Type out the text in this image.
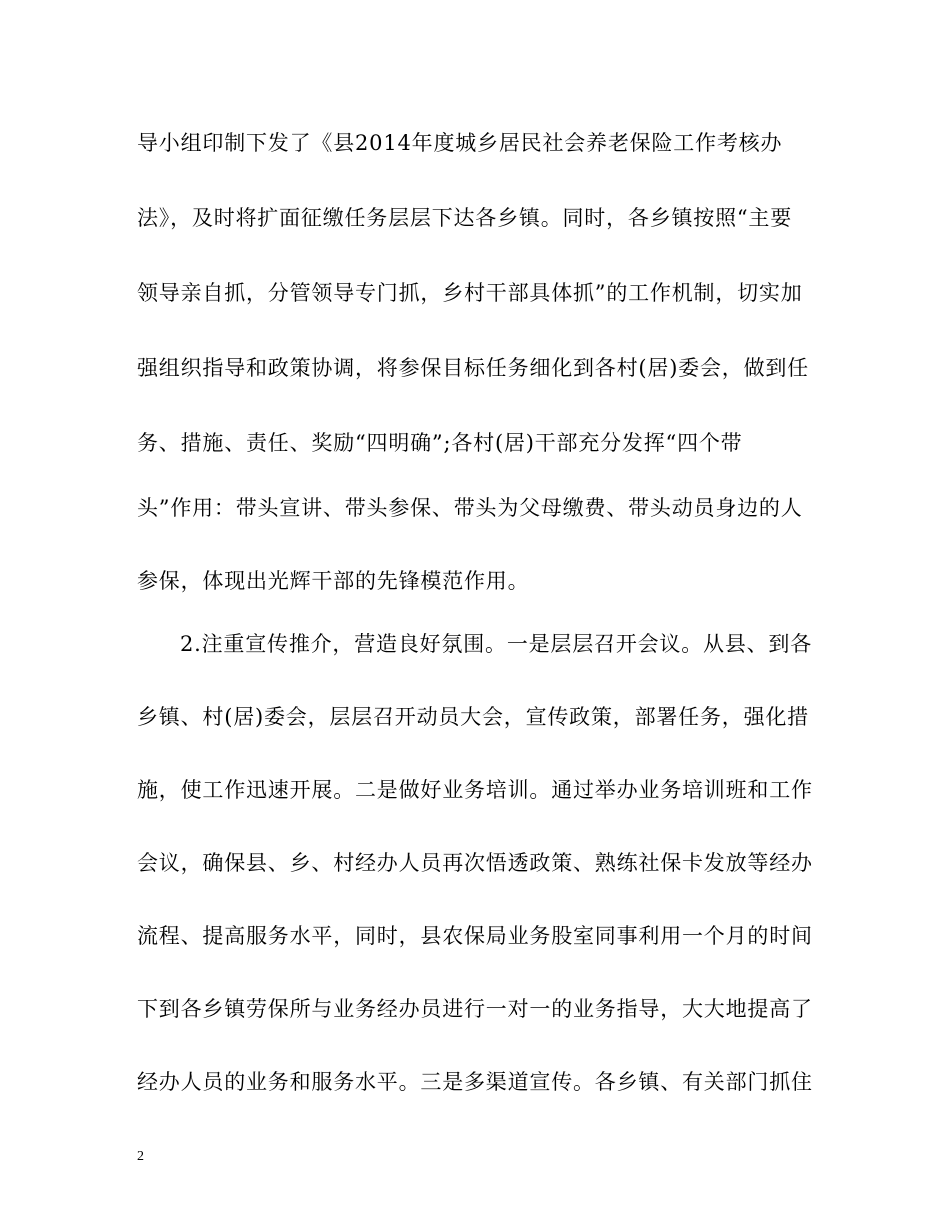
导小组印制下发了《县2014年度城乡居民社会养老保险工作考核办
法》，及时将扩面征缴任务层层下达各乡镇。同时，各乡镇按照“主要
领导亲自抓，分管领导专门抓，乡村干部具体抓”的工作机制，切实加
强组织指导和政策协调，将参保目标任务细化到各村(居)委会，做到任
务、措施、责任、奖励“四明确”;各村(居)干部充分发挥“四个带
头”作用：带头宣讲、带头参保、带头为父母缴费、带头动员身边的人
参保，体现出光辉干部的先锋模范作用。
2.注重宣传推介，营造良好氛围。一是层层召开会议。从县、到各
乡镇、村(居)委会，层层召开动员大会，宣传政策，部署任务，强化措
施，使工作迅速开展。二是做好业务培训。通过举办业务培训班和工作
会议，确保县、乡、村经办人员再次悟透政策、熟练社保卡发放等经办
流程、提高服务水平，同时，县农保局业务股室同事利用一个月的时间
下到各乡镇劳保所与业务经办员进行一对一的业务指导，大大地提高了
经办人员的业务和服务水平。三是多渠道宣传。各乡镇、有关部门抓住
2
